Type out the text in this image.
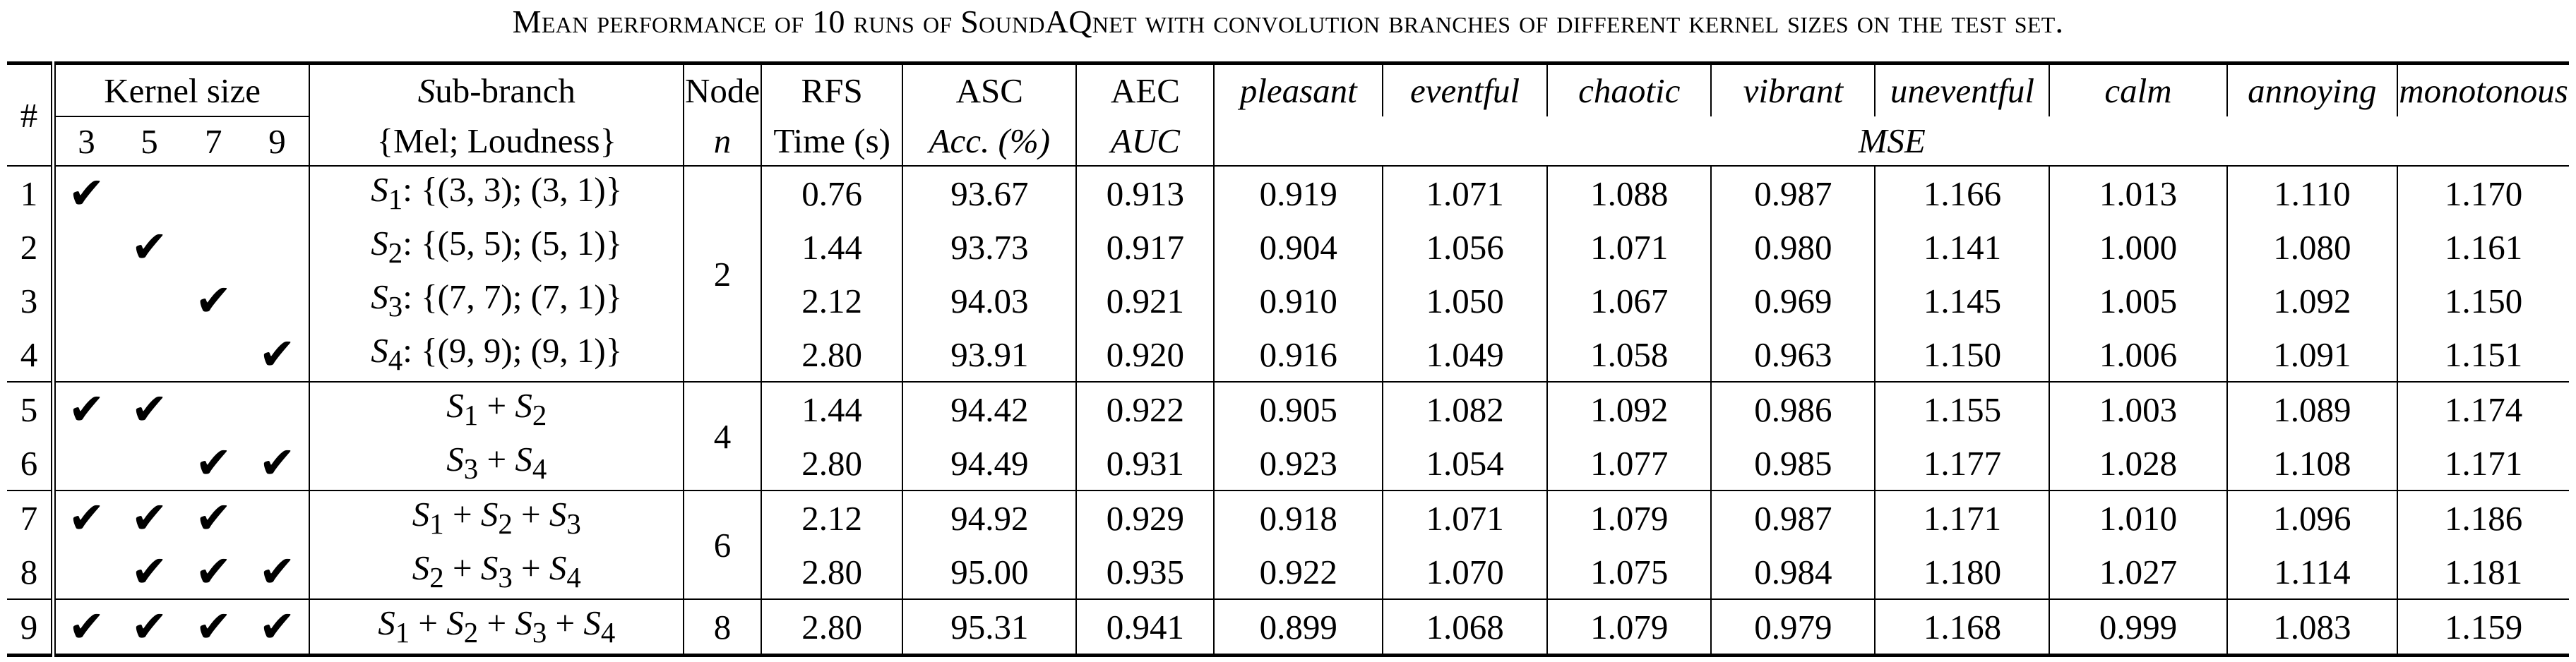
Mean performance of 10 runs of SoundAQnet with convolution branches of different kernel sizes on the test set.
#	Kernel size				Sub-branch	Node	RFS	ASC	AEC	pleasant	eventful	chaotic	vibrant	uneventful	calm	annoying	monotonous
	3	5	7	9	{Mel; Loudness}	n	Time (s)	Acc. (%)	AUC	MSE							
1	✔				$S_1$: {(3, 3); (3, 1)}	2	0.76	93.67	0.913	0.919	1.071	1.088	0.987	1.166	1.013	1.110	1.170
2		✔			$S_2$: {(5, 5); (5, 1)}		1.44	93.73	0.917	0.904	1.056	1.071	0.980	1.141	1.000	1.080	1.161
3			✔		$S_3$: {(7, 7); (7, 1)}		2.12	94.03	0.921	0.910	1.050	1.067	0.969	1.145	1.005	1.092	1.150
4				✔	$S_4$: {(9, 9); (9, 1)}		2.80	93.91	0.920	0.916	1.049	1.058	0.963	1.150	1.006	1.091	1.151
5	✔	✔			$S_1 + S_2$	4	1.44	94.42	0.922	0.905	1.082	1.092	0.986	1.155	1.003	1.089	1.174
6			✔	✔	$S_3 + S_4$		2.80	94.49	0.931	0.923	1.054	1.077	0.985	1.177	1.028	1.108	1.171
7	✔	✔	✔		$S_1 + S_2 + S_3$	6	2.12	94.92	0.929	0.918	1.071	1.079	0.987	1.171	1.010	1.096	1.186
8		✔	✔	✔	$S_2 + S_3 + S_4$		2.80	95.00	0.935	0.922	1.070	1.075	0.984	1.180	1.027	1.114	1.181
9	✔	✔	✔	✔	$S_1 + S_2 + S_3 + S_4$	8	2.80	95.31	0.941	0.899	1.068	1.079	0.979	1.168	0.999	1.083	1.159
